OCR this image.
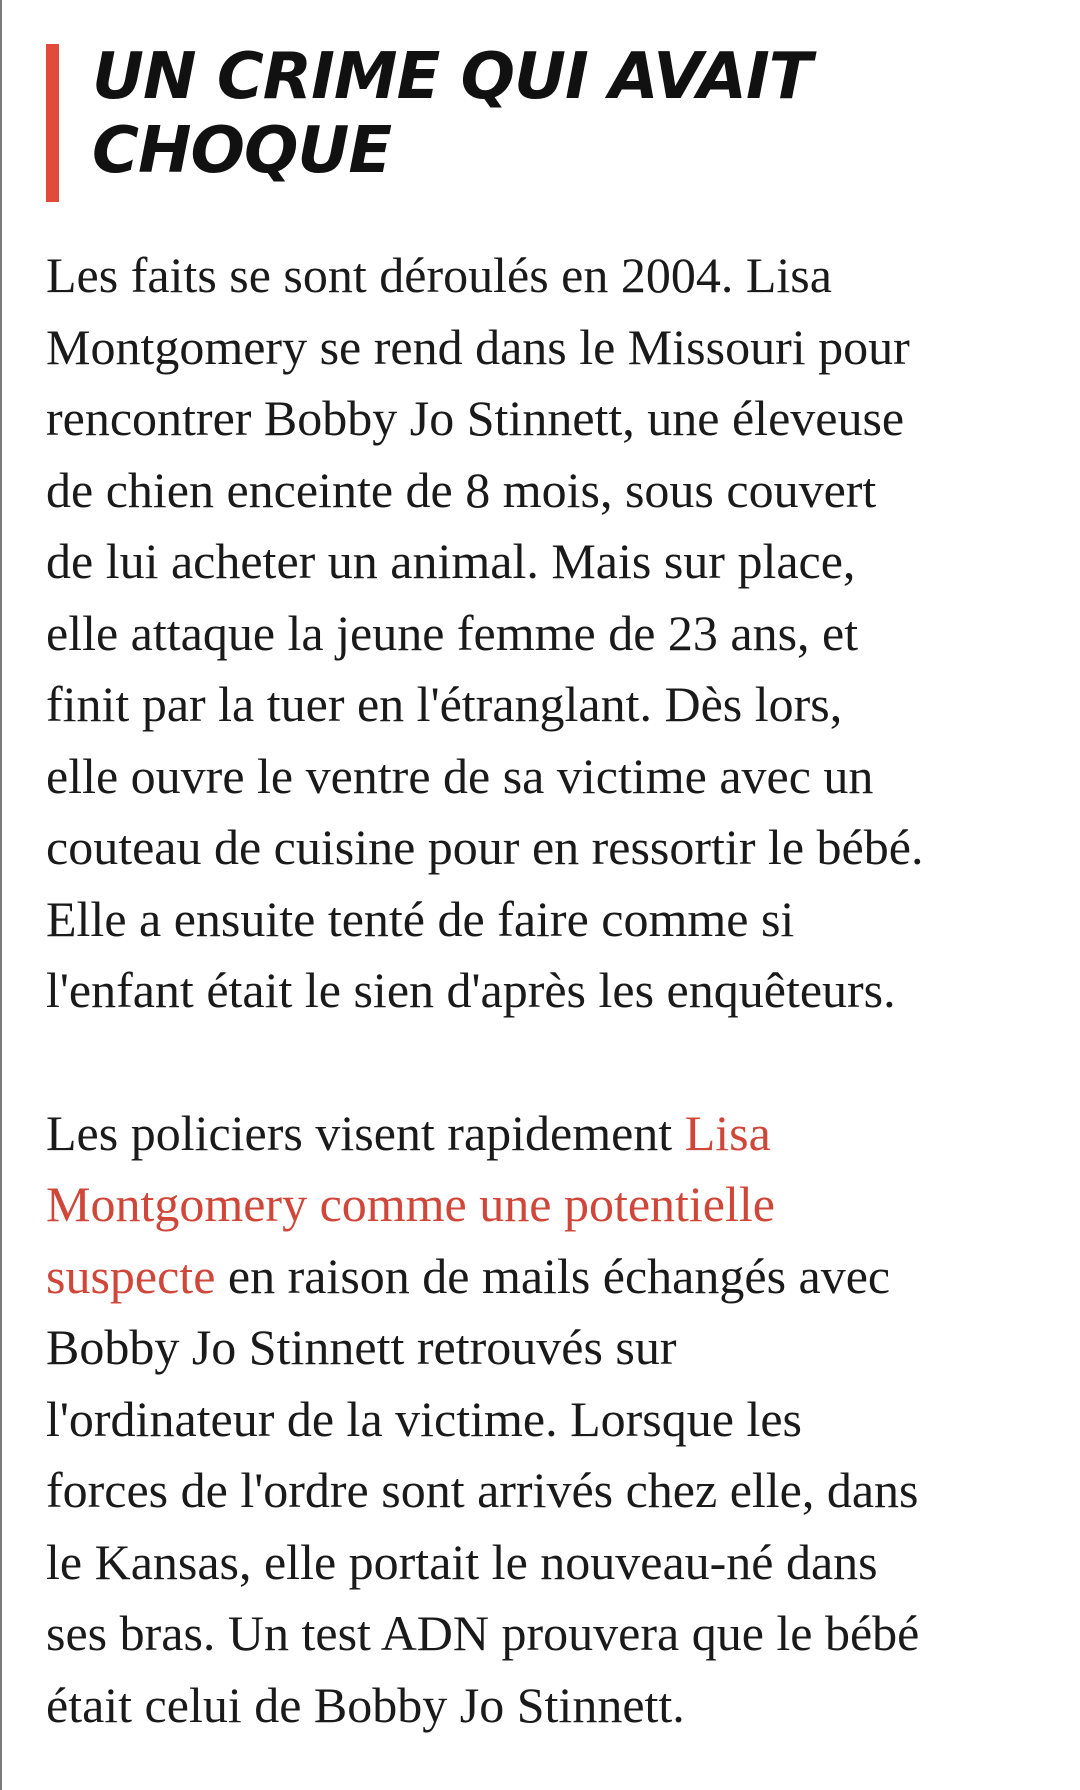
UN CRIME QUI AVAIT
CHOQUE

Les faits se sont déroulés en 2004. Lisa
Montgomery se rend dans le Missouri pour
rencontrer Bobby Jo Stinnett, une éleveuse
de chien enceinte de 8 mois, sous couvert
de lui acheter un animal. Mais sur place,
elle attaque la jeune femme de 23 ans, et
finit par la tuer en l'étranglant. Dès lors,
elle ouvre le ventre de sa victime avec un
couteau de cuisine pour en ressortir le bébé.
Elle a ensuite tenté de faire comme si
l'enfant était le sien d'après les enquêteurs.

Les policiers visent rapidement Lisa
Montgomery comme une potentielle
suspecte en raison de mails échangés avec
Bobby Jo Stinnett retrouvés sur
l'ordinateur de la victime. Lorsque les
forces de l'ordre sont arrivés chez elle, dans
le Kansas, elle portait le nouveau-né dans
ses bras. Un test ADN prouvera que le bébé
était celui de Bobby Jo Stinnett.
